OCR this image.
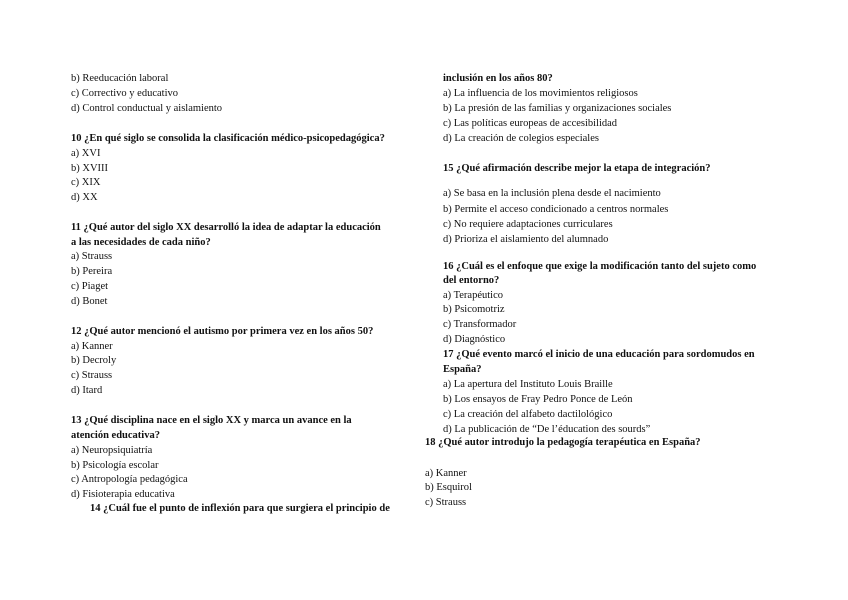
b) Reeducación laboral
c) Correctivo y educativo
d) Control conductual y aislamiento
10 ¿En qué siglo se consolida la clasificación médico-psicopedagógica?
a) XVI
b) XVIII
c) XIX
d) XX
11 ¿Qué autor del siglo XX desarrolló la idea de adaptar la educación
a las necesidades de cada niño?
a) Strauss
b) Pereira
c) Piaget
d) Bonet
12 ¿Qué autor mencionó el autismo por primera vez en los años 50?
a) Kanner
b) Decroly
c) Strauss
d) Itard
13 ¿Qué disciplina nace en el siglo XX y marca un avance en la
atención educativa?
a) Neuropsiquiatría
b) Psicología escolar
c) Antropología pedagógica
d) Fisioterapia educativa
14 ¿Cuál fue el punto de inflexión para que surgiera el principio de
inclusión en los años 80?
a) La influencia de los movimientos religiosos
b) La presión de las familias y organizaciones sociales
c) Las políticas europeas de accesibilidad
d) La creación de colegios especiales
15 ¿Qué afirmación describe mejor la etapa de integración?
a) Se basa en la inclusión plena desde el nacimiento
b) Permite el acceso condicionado a centros normales
c) No requiere adaptaciones curriculares
d) Prioriza el aislamiento del alumnado
16 ¿Cuál es el enfoque que exige la modificación tanto del sujeto como
del entorno?
a) Terapéutico
b) Psicomotriz
c) Transformador
d) Diagnóstico
17 ¿Qué evento marcó el inicio de una educación para sordomudos en
España?
a) La apertura del Instituto Louis Braille
b) Los ensayos de Fray Pedro Ponce de León
c) La creación del alfabeto dactilológico
d) La publicación de “De l’éducation des sourds”
18 ¿Qué autor introdujo la pedagogía terapéutica en España?
a) Kanner
b) Esquirol
c) Strauss
